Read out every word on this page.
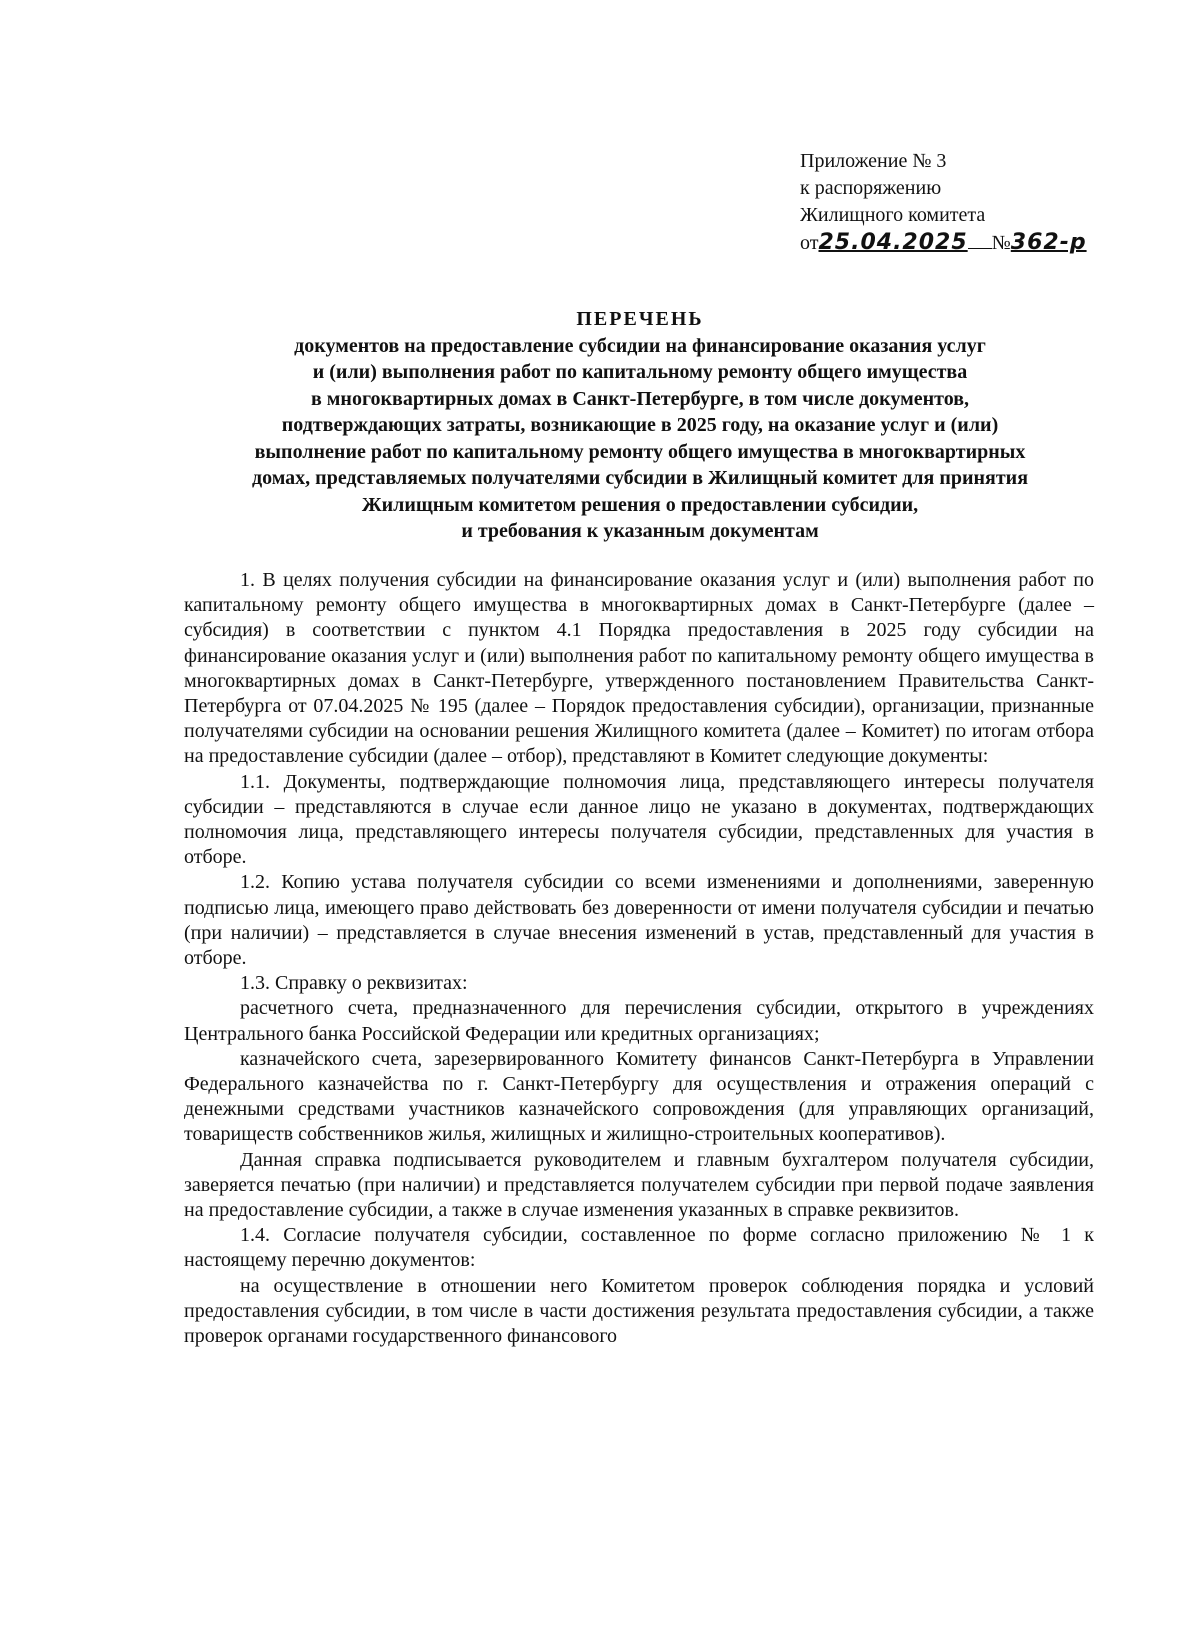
Приложение № 3
к распоряжению
Жилищного комитета
от25.04.2025 №362-р
ПЕРЕЧЕНЬ
документов на предоставление субсидии на финансирование оказания услуг
и (или) выполнения работ по капитальному ремонту общего имущества
в многоквартирных домах в Санкт-Петербурге, в том числе документов,
подтверждающих затраты, возникающие в 2025 году, на оказание услуг и (или)
выполнение работ по капитальному ремонту общего имущества в многоквартирных
домах, представляемых получателями субсидии в Жилищный комитет для принятия
Жилищным комитетом решения о предоставлении субсидии,
и требования к указанным документам

1. В целях получения субсидии на финансирование оказания услуг и (или) выполнения работ по капитальному ремонту общего имущества в многоквартирных домах в Санкт-Петербурге (далее – субсидия) в соответствии с пунктом 4.1 Порядка предоставления в 2025 году субсидии на финансирование оказания услуг и (или) выполнения работ по капитальному ремонту общего имущества в многоквартирных домах в Санкт-Петербурге, утвержденного постановлением Правительства Санкт-Петербурга от 07.04.2025 № 195 (далее – Порядок предоставления субсидии), организации, признанные получателями субсидии на основании решения Жилищного комитета (далее – Комитет) по итогам отбора на предоставление субсидии (далее – отбор), представляют в Комитет следующие документы:

1.1. Документы, подтверждающие полномочия лица, представляющего интересы получателя субсидии – представляются в случае если данное лицо не указано в документах, подтверждающих полномочия лица, представляющего интересы получателя субсидии, представленных для участия в отборе.

1.2. Копию устава получателя субсидии со всеми изменениями и дополнениями, заверенную подписью лица, имеющего право действовать без доверенности от имени получателя субсидии и печатью (при наличии) – представляется в случае внесения изменений в устав, представленный для участия в отборе.

1.3. Справку о реквизитах:

расчетного счета, предназначенного для перечисления субсидии, открытого в учреждениях Центрального банка Российской Федерации или кредитных организациях;

казначейского счета, зарезервированного Комитету финансов Санкт-Петербурга в Управлении Федерального казначейства по г. Санкт-Петербургу для осуществления и отражения операций с денежными средствами участников казначейского сопровождения (для управляющих организаций, товариществ собственников жилья, жилищных и жилищно-строительных кооперативов).

Данная справка подписывается руководителем и главным бухгалтером получателя субсидии, заверяется печатью (при наличии) и представляется получателем субсидии при первой подаче заявления на предоставление субсидии, а также в случае изменения указанных в справке реквизитов.

1.4. Согласие получателя субсидии, составленное по форме согласно приложению № 1 к настоящему перечню документов:

на осуществление в отношении него Комитетом проверок соблюдения порядка и условий предоставления субсидии, в том числе в части достижения результата предоставления субсидии, а также проверок органами государственного финансового
